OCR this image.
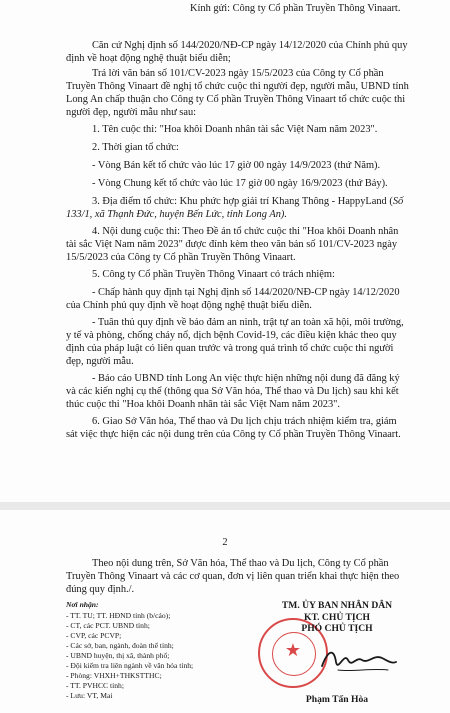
Kính gửi: Công ty Cổ phần Truyền Thông Vinaart.
Căn cứ Nghị định số 144/2020/NĐ-CP ngày 14/12/2020 của Chính phủ quy
định về hoạt động nghệ thuật biểu diễn;
Trả lời văn bản số 101/CV-2023 ngày 15/5/2023 của Công ty Cổ phần
Truyền Thông Vinaart đề nghị tổ chức cuộc thi người đẹp, người mẫu, UBND tỉnh
Long An chấp thuận cho Công ty Cổ phần Truyền Thông Vinaart tổ chức cuộc thi
người đẹp, người mẫu như sau:
1. Tên cuộc thi: "Hoa khôi Doanh nhân tài sắc Việt Nam năm 2023".
2. Thời gian tổ chức:
- Vòng Bán kết tổ chức vào lúc 17 giờ 00 ngày 14/9/2023 (thứ Năm).
- Vòng Chung kết tổ chức vào lúc 17 giờ 00 ngày 16/9/2023 (thứ Bảy).
3. Địa điểm tổ chức: Khu phức hợp giải trí Khang Thông - HappyLand (Số
133/1, xã Thạnh Đức, huyện Bến Lức, tỉnh Long An).
4. Nội dung cuộc thi: Theo Đề án tổ chức cuộc thi "Hoa khôi Doanh nhân
tài sắc Việt Nam năm 2023" được đính kèm theo văn bản số 101/CV-2023 ngày
15/5/2023 của Công ty Cổ phần Truyền Thông Vinaart.
5. Công ty Cổ phần Truyền Thông Vinaart có trách nhiệm:
- Chấp hành quy định tại Nghị định số 144/2020/NĐ-CP ngày 14/12/2020
của Chính phủ quy định về hoạt động nghệ thuật biểu diễn.
- Tuân thủ quy định về bảo đảm an ninh, trật tự an toàn xã hội, môi trường,
y tế và phòng, chống cháy nổ, dịch bệnh Covid-19, các điều kiện khác theo quy
định của pháp luật có liên quan trước và trong quá trình tổ chức cuộc thi người
đẹp, người mẫu.
- Báo cáo UBND tỉnh Long An việc thực hiện những nội dung đã đăng ký
và các kiến nghị cụ thể (thông qua Sở Văn hóa, Thể thao và Du lịch) sau khi kết
thúc cuộc thi "Hoa khôi Doanh nhân tài sắc Việt Nam năm 2023".
6. Giao Sở Văn hóa, Thể thao và Du lịch chịu trách nhiệm kiểm tra, giám
sát việc thực hiện các nội dung trên của Công ty Cổ phần Truyền Thông Vinaart.
2
Theo nội dung trên, Sở Văn hóa, Thể thao và Du lịch, Công ty Cổ phần
Truyền Thông Vinaart và các cơ quan, đơn vị liên quan triển khai thực hiện theo
đúng quy định./.
Nơi nhận:
- TT. TU; TT. HĐND tỉnh (b/cáo);
- CT, các PCT. UBND tỉnh;
- CVP, các PCVP;
- Các sở, ban, ngành, đoàn thể tỉnh;
- UBND huyện, thị xã, thành phố;
- Đội kiểm tra liên ngành về văn hóa tỉnh;
- Phòng: VHXH+THKSTTHC;
- TT. PVHCC tỉnh;
- Lưu: VT, Mai
★
TM. ỦY BAN NHÂN DÂN
KT. CHỦ TỊCH
PHÓ CHỦ TỊCH
Phạm Tấn Hòa
